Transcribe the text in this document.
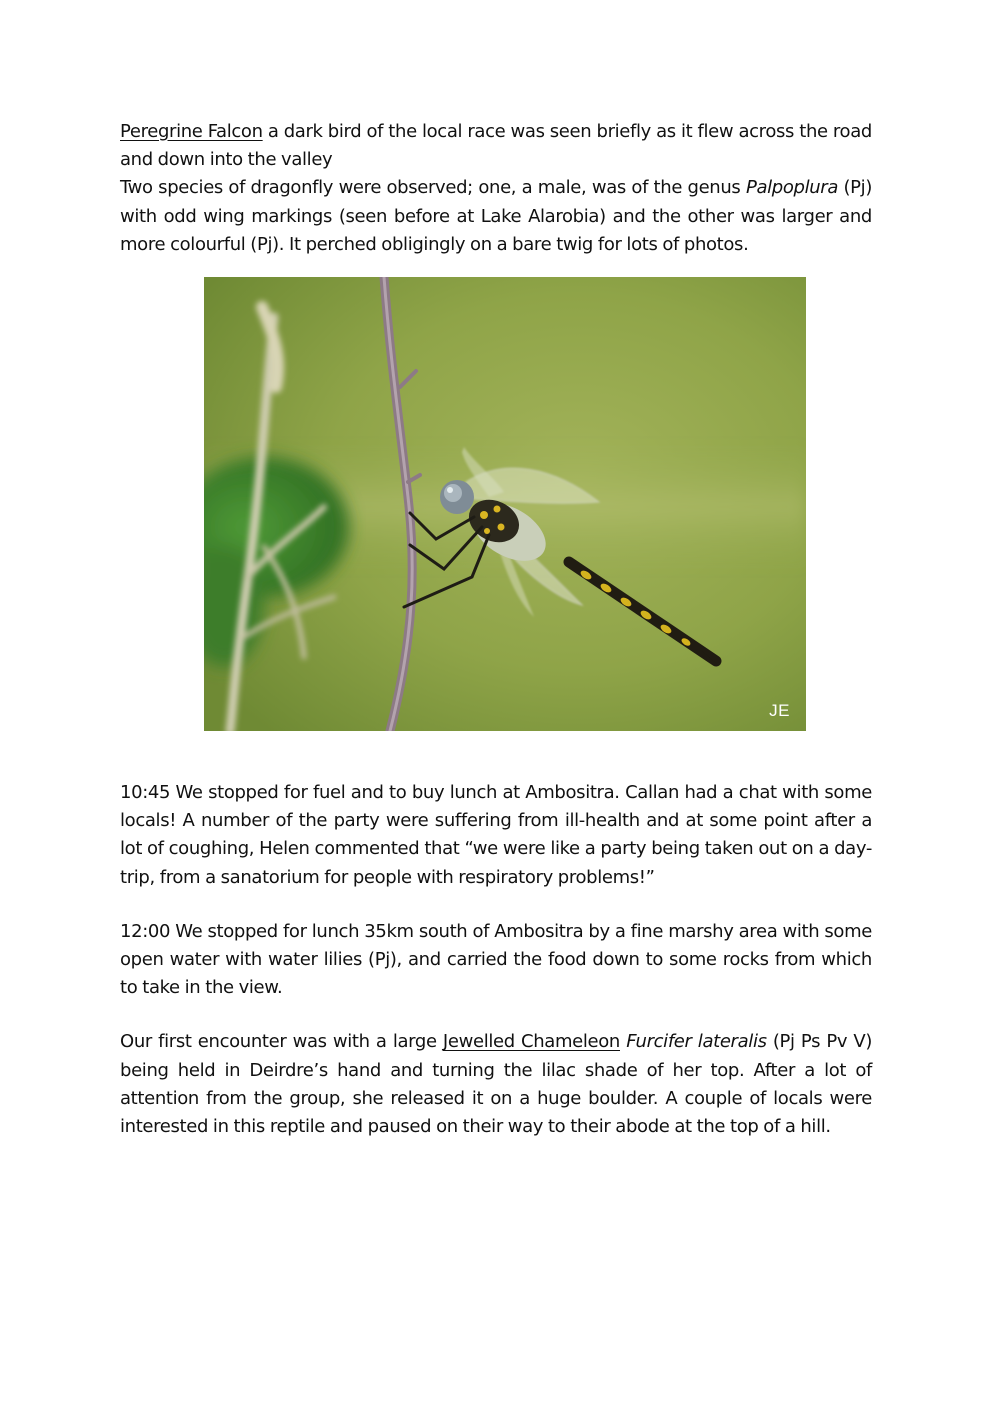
Peregrine Falcon a dark bird of the local race was seen briefly as it flew across the road and down into the valley

Two species of dragonfly were observed; one, a male, was of the genus Palpoplura (Pj) with odd wing markings (seen before at Lake Alarobia) and the other was larger and more colourful (Pj). It perched obligingly on a bare twig for lots of photos.

JE

10:45 We stopped for fuel and to buy lunch at Ambositra. Callan had a chat with some locals! A number of the party were suffering from ill-health and at some point after a lot of coughing, Helen commented that “we were like a party being taken out on a day-trip, from a sanatorium for people with respiratory problems!”

12:00 We stopped for lunch 35km south of Ambositra by a fine marshy area with some open water with water lilies (Pj), and carried the food down to some rocks from which to take in the view.

Our first encounter was with a large Jewelled Chameleon Furcifer lateralis (Pj Ps Pv V) being held in Deirdre’s hand and turning the lilac shade of her top. After a lot of attention from the group, she released it on a huge boulder. A couple of locals were interested in this reptile and paused on their way to their abode at the top of a hill.
